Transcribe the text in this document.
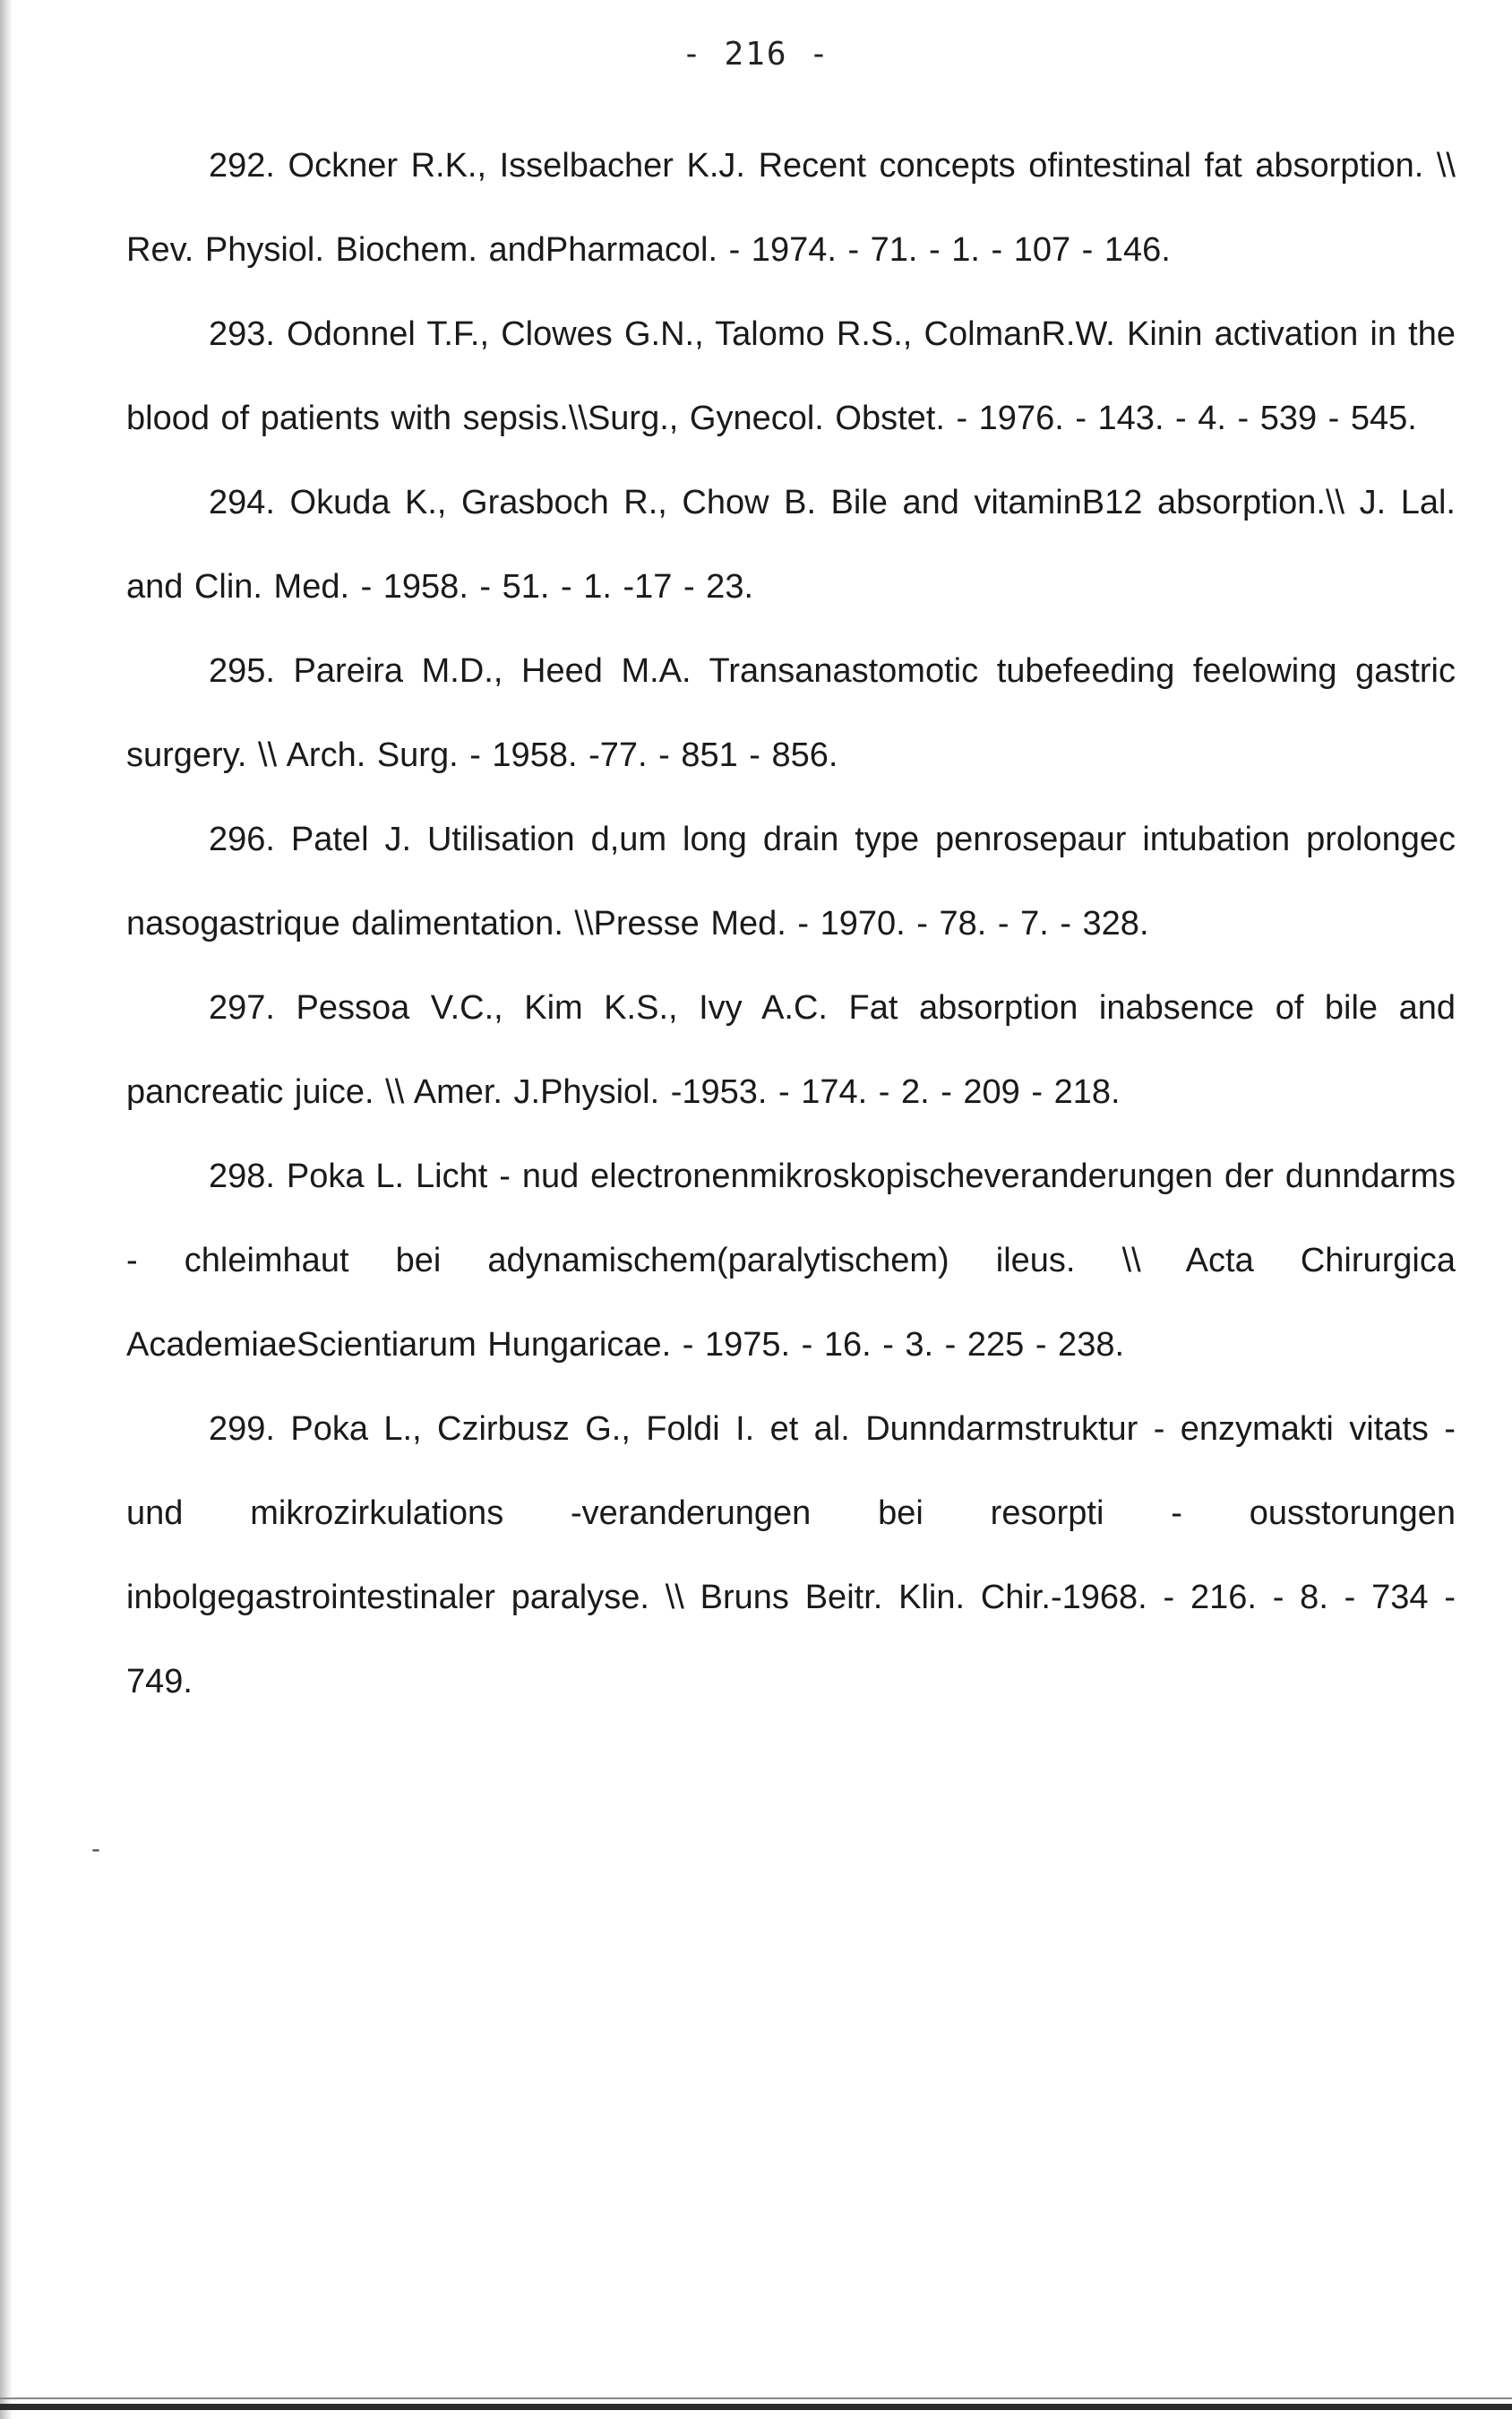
- 216 -
292. Ockner R.K., Isselbacher K.J. Recent concepts ofintestinal fat absorption. \\ Rev. Physiol. Biochem. andPharmacol. - 1974. - 71. - 1. - 107 - 146.
293. Odonnel T.F., Clowes G.N., Talomo R.S., ColmanR.W. Kinin activation in the blood of patients with sepsis.\\Surg., Gynecol. Obstet. - 1976. - 143. - 4. - 539 - 545.
294. Okuda K., Grasboch R., Chow B. Bile and vitaminB12 absorption.\\ J. Lal. and Clin. Med. - 1958. - 51. - 1. -17 - 23.
295. Pareira M.D., Heed M.A. Transanastomotic tubefeeding feelowing gastric surgery. \\ Arch. Surg. - 1958. -77. - 851 - 856.
296. Patel J. Utilisation d,um long drain type penrosepaur intubation prolongec nasogastrique dalimentation. \\Presse Med. - 1970. - 78. - 7. - 328.
297. Pessoa V.C., Kim K.S., Ivy A.C. Fat absorption inabsence of bile and pancreatic juice. \\ Amer. J.Physiol. -1953. - 174. - 2. - 209 - 218.
298. Poka L. Licht - nud electronenmikroskopischeveranderungen der dunndarms - chleimhaut bei adynamischem(paralytischem) ileus. \\ Acta Chirurgica AcademiaeScientiarum Hungaricae. - 1975. - 16. - 3. - 225 - 238.
299. Poka L., Czirbusz G., Foldi I. et al. Dunndarmstruktur - enzymakti vitats - und mikrozirkulations -veranderungen bei resorpti - ousstorungen inbolgegastrointestinaler paralyse. \\ Bruns Beitr. Klin. Chir.-1968. - 216. - 8. - 734 - 749.
-
